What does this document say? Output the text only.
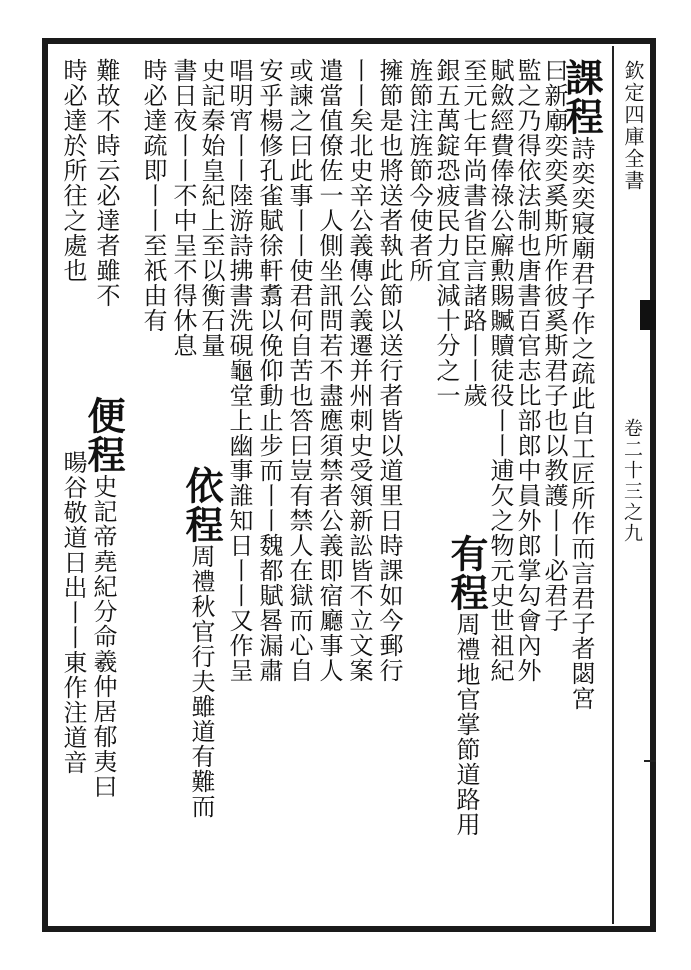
欽定四庫全書
卷二十三之九
課程詩奕奕寢廟君子作之疏此自工匠所作而言君子者閟宮
曰新廟奕奕奚斯所作彼奚斯君子也以教護丨丨必君子
監之乃得依法制也唐書百官志比部郎中員外郎掌勾會內外
賦斂經費俸祿公廨勲賜贓贖徒役丨丨逋欠之物元史世祖紀
至元七年尚書省臣言諸路丨丨歲
銀五萬錠恐疲民力宜減十分之一
有程周禮地官掌節道路用
旌節注旌節今使者所
擁節是也將送者執此節以送行者皆以道里日時課如今郵行
丨丨矣北史辛公義傳公義遷并州刺史受領新訟皆不立文案
遣當值僚佐一人側坐訊問若不盡應須禁者公義即宿廳事人
或諫之曰此事丨丨使君何自苦也答曰豈有禁人在獄而心自
安乎楊修孔雀賦徐軒翥以俛仰動止步而丨丨魏都賦晷漏肅
唱明宵丨丨陸游詩拂書洗硯龜堂上幽事誰知日丨丨又作呈
史記秦始皇紀上至以衡石量
書日夜丨丨不中呈不得休息
依程周禮秋官行夫雖道有難而
時必達疏即丨丨至祇由有
難故不時云必達者雖不
時必達於所往之處也
便程史記帝堯紀分命羲仲居郁夷曰
暘谷敬道日出丨丨東作注道音
